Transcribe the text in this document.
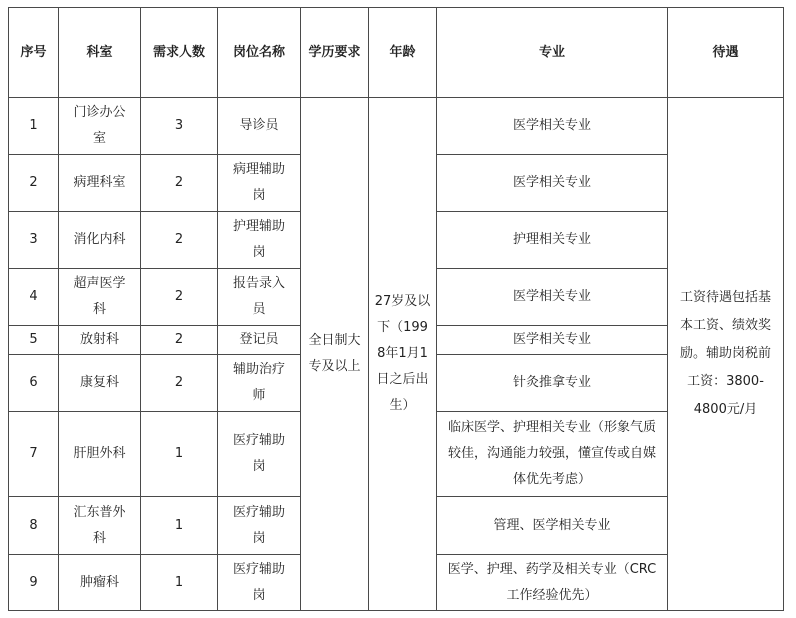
序号	科室	需求人数	岗位名称	学历要求	年龄	专业	待遇
1	门诊办公室	3	导诊员	全日制大专及以上	27岁及以下（1998年1月1日之后出生）	医学相关专业	工资待遇包括基本工资、绩效奖励。辅助岗税前工资：3800-4800元/月
2	病理科室	2	病理辅助岗			医学相关专业	
3	消化内科	2	护理辅助岗			护理相关专业	
4	超声医学科	2	报告录入员			医学相关专业	
5	放射科	2	登记员			医学相关专业	
6	康复科	2	辅助治疗师			针灸推拿专业	
7	肝胆外科	1	医疗辅助岗			临床医学、护理相关专业（形象气质较佳，沟通能力较强，懂宣传或自媒体优先考虑）	
8	汇东普外科	1	医疗辅助岗			管理、医学相关专业	
9	肿瘤科	1	医疗辅助岗			医学、护理、药学及相关专业（CRC工作经验优先）	
